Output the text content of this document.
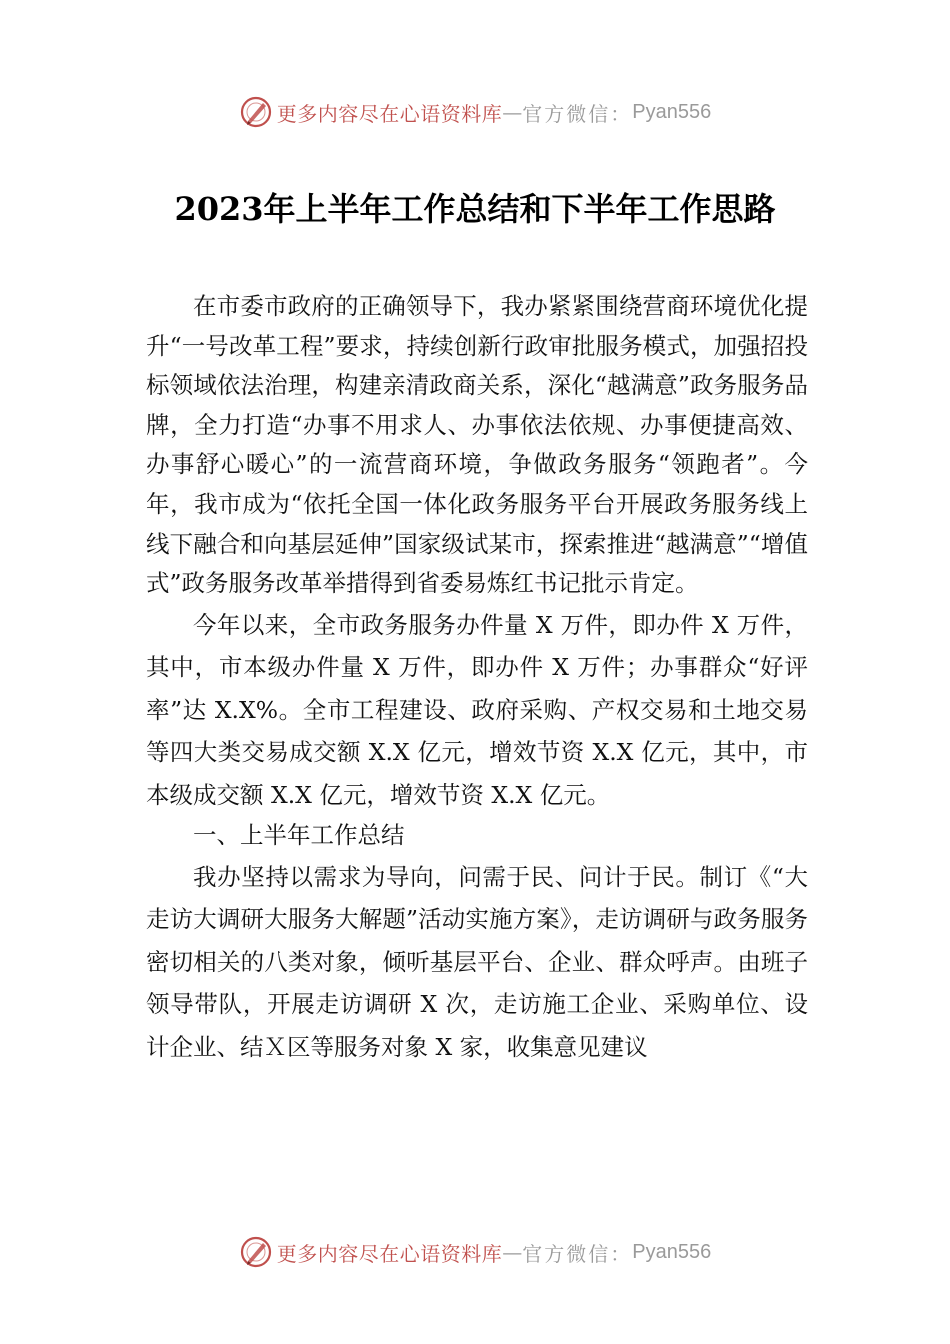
更多内容尽在心语资料库 — 官方微信： Pyan556
2023年上半年工作总结和下半年工作思路

在市委市政府的正确领导下，我办紧紧围绕营商环境优化提升“一号改革工程”要求，持续创新行政审批服务模式，加强招投标领域依法治理，构建亲清政商关系，深化“越满意”政务服务品牌，全力打造“办事不用求人、办事依法依规、办事便捷高效、办事舒心暖心”的一流营商环境，争做政务服务“领跑者”。今年，我市成为“依托全国一体化政务服务平台开展政务服务线上线下融合和向基层延伸”国家级试某市，探索推进“越满意”“增值式”政务服务改革举措得到省委易炼红书记批示肯定。

今年以来，全市政务服务办件量 X 万件，即办件 X 万件，其中，市本级办件量 X 万件，即办件 X 万件；办事群众“好评率”达 X.X%。全市工程建设、政府采购、产权交易和土地交易等四大类交易成交额 X.X 亿元，增效节资 X.X 亿元，其中，市本级成交额 X.X 亿元，增效节资 X.X 亿元。

一、上半年工作总结

我办坚持以需求为导向，问需于民、问计于民。制订《“大走访大调研大服务大解题”活动实施方案》，走访调研与政务服务密切相关的八类对象，倾听基层平台、企业、群众呼声。由班子领导带队，开展走访调研 X 次，走访施工企业、采购单位、设计企业、结Ｘ区等服务对象 X 家，收集意见建议

更多内容尽在心语资料库 — 官方微信： Pyan556
